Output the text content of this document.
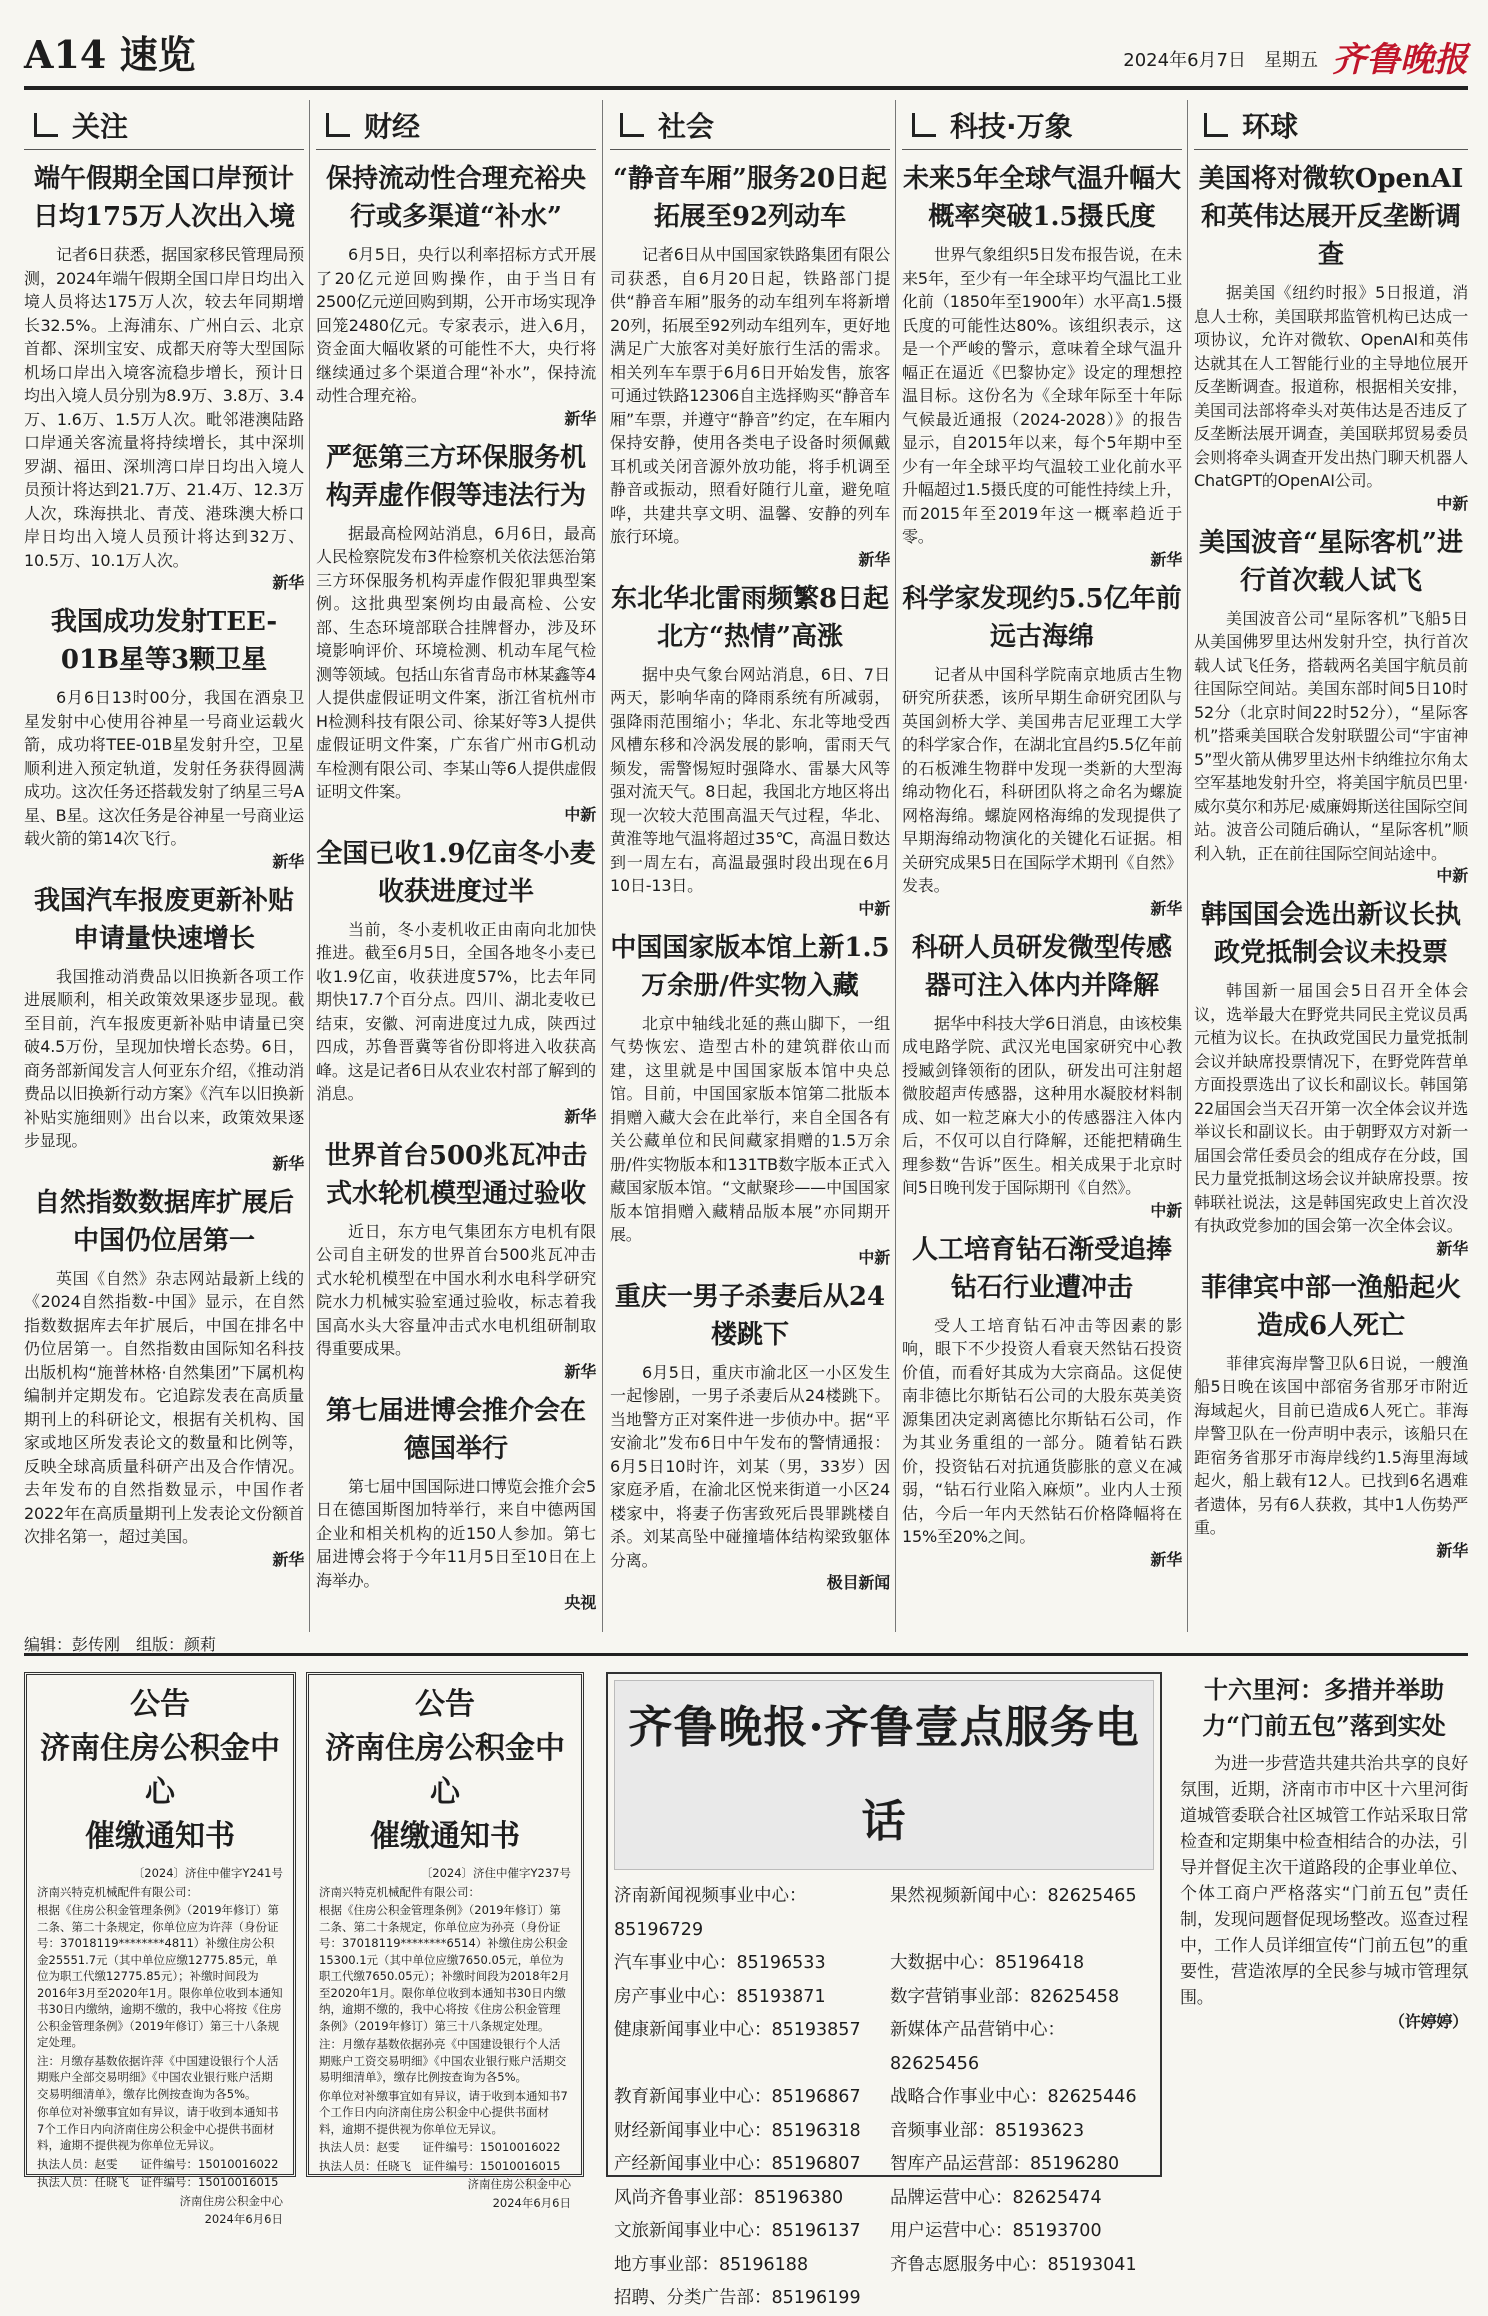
A14 速览	2024年6月7日　 星期五 齐鲁晚报
关注
端午假期全国口岸预计日均175万人次出入境
记者6日获悉，据国家移民管理局预测，2024年端午假期全国口岸日均出入境人员将达175万人次，较去年同期增长32.5%。上海浦东、广州白云、北京首都、深圳宝安、成都天府等大型国际机场口岸出入境客流稳步增长，预计日均出入境人员分别为8.9万、3.8万、3.4万、1.6万、1.5万人次。毗邻港澳陆路口岸通关客流量将持续增长，其中深圳罗湖、福田、深圳湾口岸日均出入境人员预计将达到21.7万、21.4万、12.3万人次，珠海拱北、青茂、港珠澳大桥口岸日均出入境人员预计将达到32万、10.5万、10.1万人次。
新华
我国成功发射TEE-01B星等3颗卫星
6月6日13时00分，我国在酒泉卫星发射中心使用谷神星一号商业运载火箭，成功将TEE-01B星发射升空，卫星顺利进入预定轨道，发射任务获得圆满成功。这次任务还搭载发射了纳星三号A星、B星。这次任务是谷神星一号商业运载火箭的第14次飞行。
新华
我国汽车报废更新补贴申请量快速增长
我国推动消费品以旧换新各项工作进展顺利，相关政策效果逐步显现。截至目前，汽车报废更新补贴申请量已突破4.5万份，呈现加快增长态势。6日，商务部新闻发言人何亚东介绍，《推动消费品以旧换新行动方案》《汽车以旧换新补贴实施细则》出台以来，政策效果逐步显现。
新华
自然指数数据库扩展后中国仍位居第一
英国《自然》杂志网站最新上线的《2024自然指数-中国》显示，在自然指数数据库去年扩展后，中国在排名中仍位居第一。自然指数由国际知名科技出版机构“施普林格·自然集团”下属机构编制并定期发布。它追踪发表在高质量期刊上的科研论文，根据有关机构、国家或地区所发表论文的数量和比例等，反映全球高质量科研产出及合作情况。去年发布的自然指数显示，中国作者2022年在高质量期刊上发表论文份额首次排名第一，超过美国。
新华
财经
保持流动性合理充裕央行或多渠道“补水”
6月5日，央行以利率招标方式开展了20亿元逆回购操作，由于当日有2500亿元逆回购到期，公开市场实现净回笼2480亿元。专家表示，进入6月，资金面大幅收紧的可能性不大，央行将继续通过多个渠道合理“补水”，保持流动性合理充裕。
新华
严惩第三方环保服务机构弄虚作假等违法行为
据最高检网站消息，6月6日，最高人民检察院发布3件检察机关依法惩治第三方环保服务机构弄虚作假犯罪典型案例。这批典型案例均由最高检、公安部、生态环境部联合挂牌督办，涉及环境影响评价、环境检测、机动车尾气检测等领域。包括山东省青岛市林某鑫等4人提供虚假证明文件案，浙江省杭州市H检测科技有限公司、徐某好等3人提供虚假证明文件案，广东省广州市G机动车检测有限公司、李某山等6人提供虚假证明文件案。
中新
全国已收1.9亿亩冬小麦收获进度过半
当前，冬小麦机收正由南向北加快推进。截至6月5日，全国各地冬小麦已收1.9亿亩，收获进度57%，比去年同期快17.7个百分点。四川、湖北麦收已结束，安徽、河南进度过九成，陕西过四成，苏鲁晋冀等省份即将进入收获高峰。这是记者6日从农业农村部了解到的消息。
新华
世界首台500兆瓦冲击式水轮机模型通过验收
近日，东方电气集团东方电机有限公司自主研发的世界首台500兆瓦冲击式水轮机模型在中国水利水电科学研究院水力机械实验室通过验收，标志着我国高水头大容量冲击式水电机组研制取得重要成果。
新华
第七届进博会推介会在德国举行
第七届中国国际进口博览会推介会5日在德国斯图加特举行，来自中德两国企业和相关机构的近150人参加。第七届进博会将于今年11月5日至10日在上海举办。
央视
社会
“静音车厢”服务20日起拓展至92列动车
记者6日从中国国家铁路集团有限公司获悉，自6月20日起，铁路部门提供“静音车厢”服务的动车组列车将新增20列，拓展至92列动车组列车，更好地满足广大旅客对美好旅行生活的需求。相关列车车票于6月6日开始发售，旅客可通过铁路12306自主选择购买“静音车厢”车票，并遵守“静音”约定，在车厢内保持安静，使用各类电子设备时须佩戴耳机或关闭音源外放功能，将手机调至静音或振动，照看好随行儿童，避免喧哗，共建共享文明、温馨、安静的列车旅行环境。
新华
东北华北雷雨频繁8日起北方“热情”高涨
据中央气象台网站消息，6日、7日两天，影响华南的降雨系统有所减弱，强降雨范围缩小；华北、东北等地受西风槽东移和冷涡发展的影响，雷雨天气频发，需警惕短时强降水、雷暴大风等强对流天气。8日起，我国北方地区将出现一次较大范围高温天气过程，华北、黄淮等地气温将超过35℃，高温日数达到一周左右，高温最强时段出现在6月10日-13日。
中新
中国国家版本馆上新1.5万余册/件实物入藏
北京中轴线北延的燕山脚下，一组气势恢宏、造型古朴的建筑群依山而建，这里就是中国国家版本馆中央总馆。目前，中国国家版本馆第二批版本捐赠入藏大会在此举行，来自全国各有关公藏单位和民间藏家捐赠的1.5万余册/件实物版本和131TB数字版本正式入藏国家版本馆。“文献聚珍——中国国家版本馆捐赠入藏精品版本展”亦同期开展。
中新
重庆一男子杀妻后从24楼跳下
6月5日，重庆市渝北区一小区发生一起惨剧，一男子杀妻后从24楼跳下。当地警方正对案件进一步侦办中。据“平安渝北”发布6日中午发布的警情通报：6月5日10时许，刘某（男，33岁）因家庭矛盾，在渝北区悦来街道一小区24楼家中，将妻子伤害致死后畏罪跳楼自杀。刘某高坠中碰撞墙体结构梁致躯体分离。
极目新闻
科技·万象
未来5年全球气温升幅大概率突破1.5摄氏度
世界气象组织5日发布报告说，在未来5年，至少有一年全球平均气温比工业化前（1850年至1900年）水平高1.5摄氏度的可能性达80%。该组织表示，这是一个严峻的警示，意味着全球气温升幅正在逼近《巴黎协定》设定的理想控温目标。这份名为《全球年际至十年际气候最近通报（2024-2028）》的报告显示，自2015年以来，每个5年期中至少有一年全球平均气温较工业化前水平升幅超过1.5摄氏度的可能性持续上升，而2015年至2019年这一概率趋近于零。
新华
科学家发现约5.5亿年前远古海绵
记者从中国科学院南京地质古生物研究所获悉，该所早期生命研究团队与英国剑桥大学、美国弗吉尼亚理工大学的科学家合作，在湖北宜昌约5.5亿年前的石板滩生物群中发现一类新的大型海绵动物化石，科研团队将之命名为螺旋网格海绵。螺旋网格海绵的发现提供了早期海绵动物演化的关键化石证据。相关研究成果5日在国际学术期刊《自然》发表。
新华
科研人员研发微型传感器可注入体内并降解
据华中科技大学6日消息，由该校集成电路学院、武汉光电国家研究中心教授臧剑锋领衔的团队，研发出可注射超微胶超声传感器，这种用水凝胶材料制成、如一粒芝麻大小的传感器注入体内后，不仅可以自行降解，还能把精确生理参数“告诉”医生。相关成果于北京时间5日晚刊发于国际期刊《自然》。
中新
人工培育钻石渐受追捧钻石行业遭冲击
受人工培育钻石冲击等因素的影响，眼下不少投资人看衰天然钻石投资价值，而看好其成为大宗商品。这促使南非德比尔斯钻石公司的大股东英美资源集团决定剥离德比尔斯钻石公司，作为其业务重组的一部分。随着钻石跌价，投资钻石对抗通货膨胀的意义在减弱，“钻石行业陷入麻烦”。业内人士预估，今后一年内天然钻石价格降幅将在15%至20%之间。
新华
环球
美国将对微软OpenAI和英伟达展开反垄断调查
据美国《纽约时报》5日报道，消息人士称，美国联邦监管机构已达成一项协议，允许对微软、OpenAI和英伟达就其在人工智能行业的主导地位展开反垄断调查。报道称，根据相关安排，美国司法部将牵头对英伟达是否违反了反垄断法展开调查，美国联邦贸易委员会则将牵头调查开发出热门聊天机器人ChatGPT的OpenAI公司。
中新
美国波音“星际客机”进行首次载人试飞
美国波音公司“星际客机”飞船5日从美国佛罗里达州发射升空，执行首次载人试飞任务，搭载两名美国宇航员前往国际空间站。美国东部时间5日10时52分（北京时间22时52分），“星际客机”搭乘美国联合发射联盟公司“宇宙神5”型火箭从佛罗里达州卡纳维拉尔角太空军基地发射升空，将美国宇航员巴里·威尔莫尔和苏尼·威廉姆斯送往国际空间站。波音公司随后确认，“星际客机”顺利入轨，正在前往国际空间站途中。
中新
韩国国会选出新议长执政党抵制会议未投票
韩国新一届国会5日召开全体会议，选举最大在野党共同民主党议员禹元植为议长。在执政党国民力量党抵制会议并缺席投票情况下，在野党阵营单方面投票选出了议长和副议长。韩国第22届国会当天召开第一次全体会议并选举议长和副议长。由于朝野双方对新一届国会常任委员会的组成存在分歧，国民力量党抵制这场会议并缺席投票。按韩联社说法，这是韩国宪政史上首次没有执政党参加的国会第一次全体会议。
新华
菲律宾中部一渔船起火造成6人死亡
菲律宾海岸警卫队6日说，一艘渔船5日晚在该国中部宿务省那牙市附近海域起火，目前已造成6人死亡。菲海岸警卫队在一份声明中表示，该船只在距宿务省那牙市海岸线约1.5海里海域起火，船上载有12人。已找到6名遇难者遗体，另有6人获救，其中1人伤势严重。
新华
编辑：彭传刚　组版：颜莉
公告
济南住房公积金中心
催缴通知书

〔2024〕济住中催字Y241号

济南兴特克机械配件有限公司：

根据《住房公积金管理条例》（2019年修订）第二条、第二十条规定，你单位应为许萍（身份证号：37018119********4811）补缴住房公积金25551.7元（其中单位应缴12775.85元，单位为职工代缴12775.85元）；补缴时间段为2016年3月至2020年1月。限你单位收到本通知书30日内缴纳，逾期不缴的，我中心将按《住房公积金管理条例》（2019年修订）第三十八条规定处理。

注：月缴存基数依据许萍《中国建设银行个人活期账户全部交易明细》《中国农业银行账户活期交易明细清单》，缴存比例按查询为各5%。

你单位对补缴事宜如有异议，请于收到本通知书7个工作日内向济南住房公积金中心提供书面材料，逾期不提供视为你单位无异议。

执法人员：赵雯　　证件编号：15010016022

执法人员：任晓飞　证件编号：15010016015

济南住房公积金中心

2024年6月6日

公告
济南住房公积金中心
催缴通知书

〔2024〕济住中催字Y237号

济南兴特克机械配件有限公司：

根据《住房公积金管理条例》（2019年修订）第二条、第二十条规定，你单位应为孙亮（身份证号：37018119********6514）补缴住房公积金15300.1元（其中单位应缴7650.05元，单位为职工代缴7650.05元）；补缴时间段为2018年2月至2020年1月。限你单位收到本通知书30日内缴纳，逾期不缴的，我中心将按《住房公积金管理条例》（2019年修订）第三十八条规定处理。

注：月缴存基数依据孙亮《中国建设银行个人活期账户工资交易明细》《中国农业银行账户活期交易明细清单》，缴存比例按查询为各5%。

你单位对补缴事宜如有异议，请于收到本通知书7个工作日内向济南住房公积金中心提供书面材料，逾期不提供视为你单位无异议。

执法人员：赵雯　　证件编号：15010016022

执法人员：任晓飞　证件编号：15010016015

济南住房公积金中心

2024年6月6日

齐鲁晚报·齐鲁壹点服务电话
济南新闻视频事业中心：85196729
果然视频新闻中心：82625465
汽车事业中心：85196533	大数据中心：85196418
房产事业中心：85193871	数字营销事业部：82625458
健康新闻事业中心：85193857	新媒体产品营销中心：82625456
教育新闻事业中心：85196867	战略合作事业中心：82625446
财经新闻事业中心：85196318	音频事业部：85193623
产经新闻事业中心：85196807	智库产品运营部：85196280
风尚齐鲁事业部：85196380	品牌运营中心：82625474
文旅新闻事业中心：85196137	用户运营中心：85193700
地方事业部：85196188	齐鲁志愿服务中心：85193041
招聘、分类广告部：85196199
十六里河：多措并举助力“门前五包”落到实处
为进一步营造共建共治共享的良好氛围，近期，济南市市中区十六里河街道城管委联合社区城管工作站采取日常检查和定期集中检查相结合的办法，引导并督促主次干道路段的企事业单位、个体工商户严格落实“门前五包”责任制，发现问题督促现场整改。巡查过程中，工作人员详细宣传“门前五包”的重要性，营造浓厚的全民参与城市管理氛围。
（许婷婷）
